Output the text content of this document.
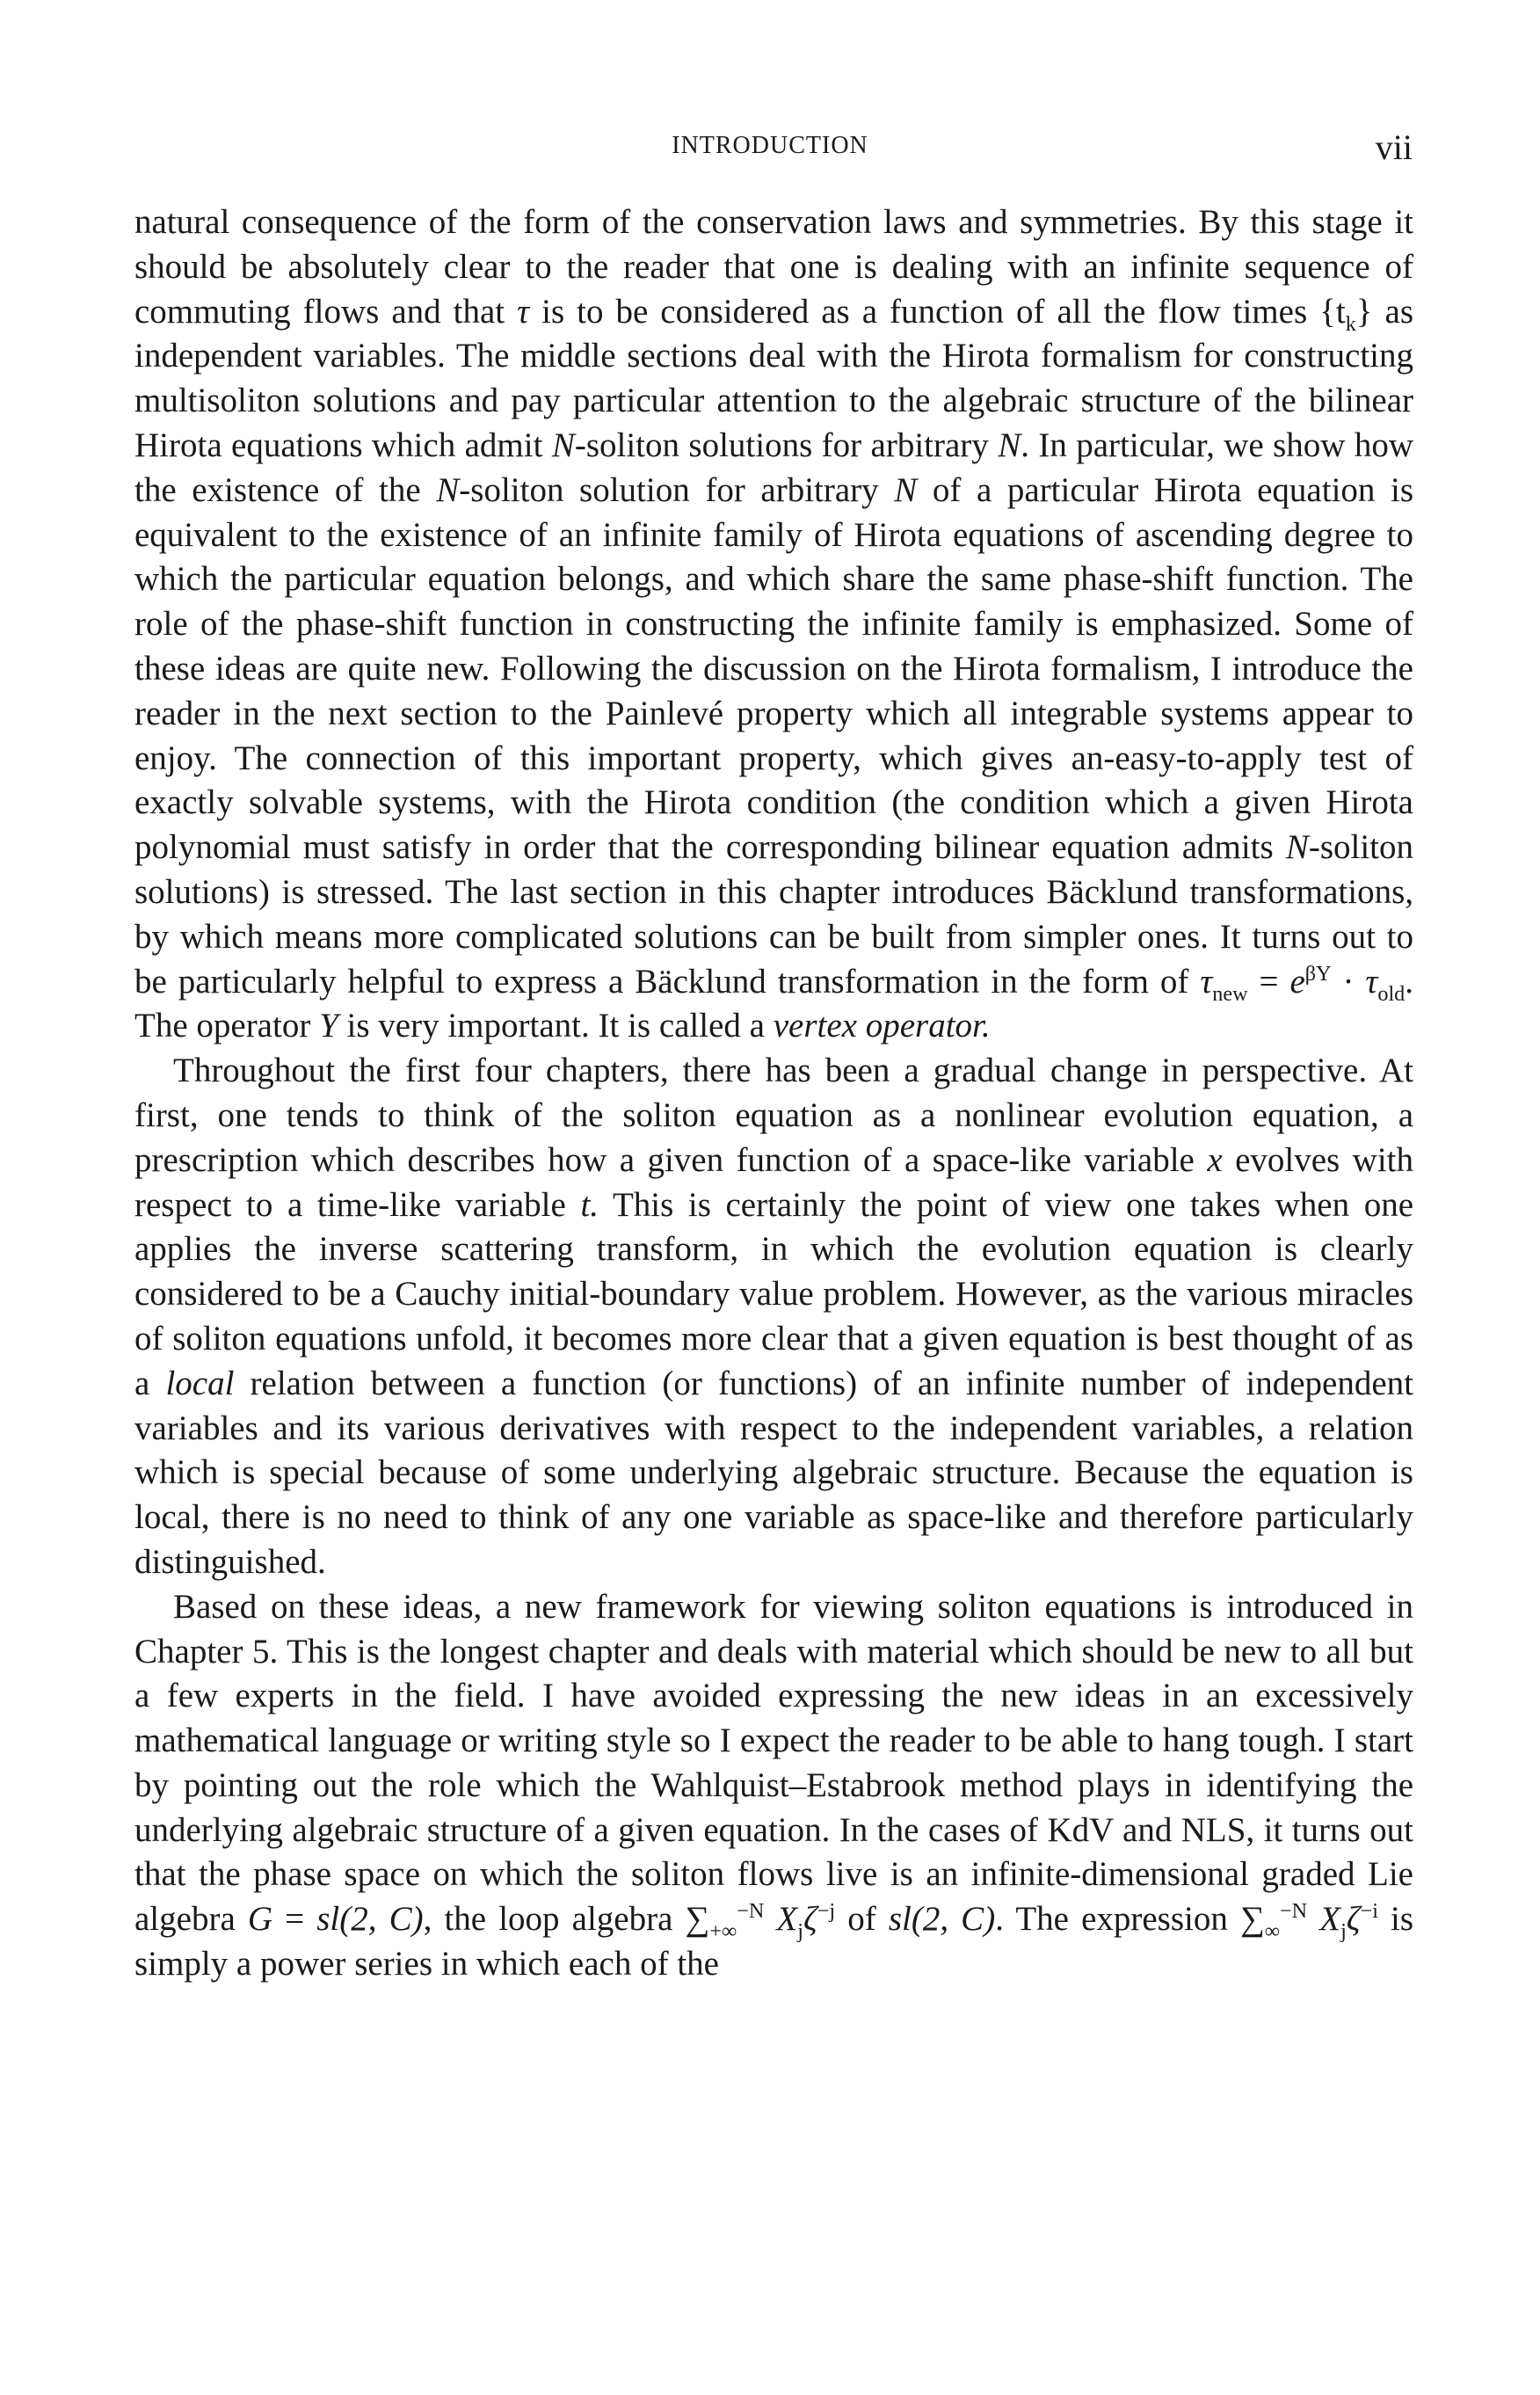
INTRODUCTION	vii

natural consequence of the form of the conservation laws and symmetries. By this stage it should be absolutely clear to the reader that one is dealing with an infinite sequence of commuting flows and that τ is to be considered as a function of all the flow times $\{t_k\}$ as independent variables. The middle sections deal with the Hirota formalism for constructing multisoliton solutions and pay particular attention to the algebraic structure of the bilinear Hirota equations which admit N-soliton solutions for arbitrary N. In particular, we show how the existence of the N-soliton solution for arbitrary N of a particular Hirota equation is equivalent to the existence of an infinite family of Hirota equations of ascending degree to which the particular equation belongs, and which share the same phase-shift function. The role of the phase-shift function in constructing the infinite family is emphasized. Some of these ideas are quite new. Following the discussion on the Hirota formalism, I introduce the reader in the next section to the Painlevé property which all integrable systems appear to enjoy. The connection of this important property, which gives an-easy-to-apply test of exactly solvable systems, with the Hirota condition (the condition which a given Hirota polynomial must satisfy in order that the corresponding bilinear equation admits N-soliton solutions) is stressed. The last section in this chapter introduces Bäcklund transformations, by which means more complicated solutions can be built from simpler ones. It turns out to be particularly helpful to express a Bäcklund transformation in the form of $\tau_{new} = e^{\beta Y} \cdot \tau_{old}$. The operator Y is very important. It is called a vertex operator.

Throughout the first four chapters, there has been a gradual change in perspective. At first, one tends to think of the soliton equation as a nonlinear evolution equation, a prescription which describes how a given function of a space-like variable x evolves with respect to a time-like variable t. This is certainly the point of view one takes when one applies the inverse scattering transform, in which the evolution equation is clearly considered to be a Cauchy initial-boundary value problem. However, as the various miracles of soliton equations unfold, it becomes more clear that a given equation is best thought of as a local relation between a function (or functions) of an infinite number of independent variables and its various derivatives with respect to the independent variables, a relation which is special because of some underlying algebraic structure. Because the equation is local, there is no need to think of any one variable as space-like and therefore particularly distinguished.

Based on these ideas, a new framework for viewing soliton equations is introduced in Chapter 5. This is the longest chapter and deals with material which should be new to all but a few experts in the field. I have avoided expressing the new ideas in an excessively mathematical language or writing style so I expect the reader to be able to hang tough. I start by pointing out the role which the Wahlquist–Estabrook method plays in identifying the underlying algebraic structure of a given equation. In the cases of KdV and NLS, it turns out that the phase space on which the soliton flows live is an infinite-dimensional graded Lie algebra G = sl(2, C), the loop algebra $\sum_{+\infty}^{-N}$ $X_j\zeta^{-j}$ of sl(2, C). The expression $\sum_\infty^{-N}$ $X_j\zeta^{-i}$ is simply a power series in which each of the
